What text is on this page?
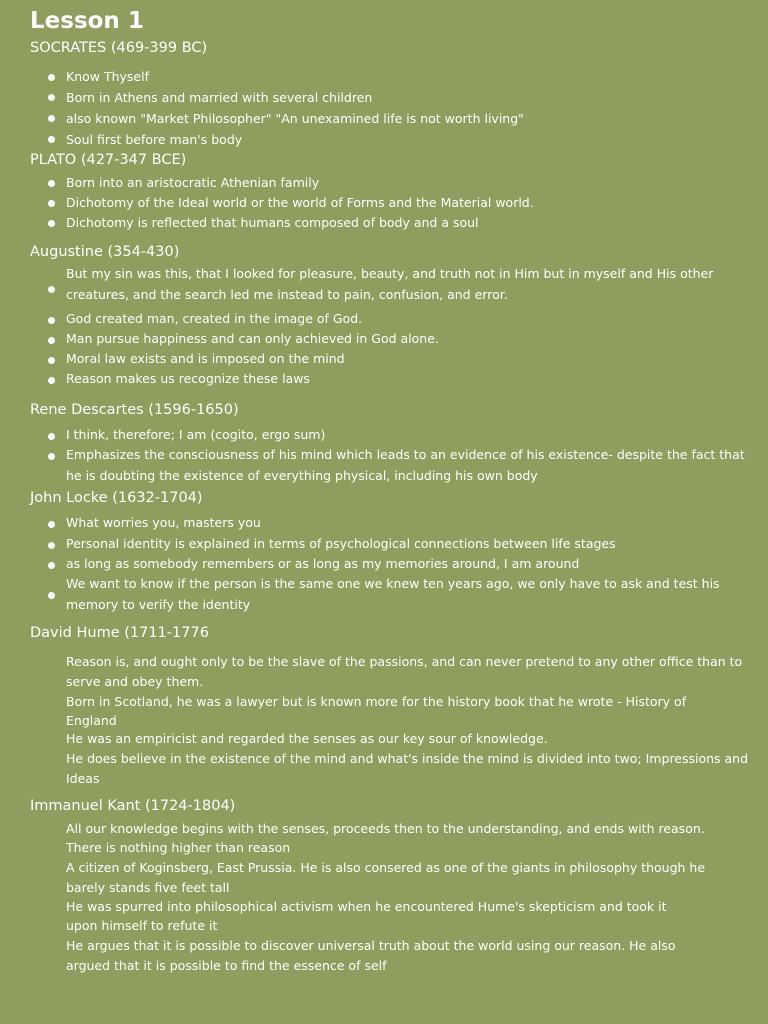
Lesson 1
SOCRATES (469-399 BC)
Know Thyself
Born in Athens and married with several children
also known "Market Philosopher" "An unexamined life is not worth living"
Soul first before man's body
PLATO (427-347 BCE)
Born into an aristocratic Athenian family
Dichotomy of the Ideal world or the world of Forms and the Material world.
Dichotomy is reflected that humans composed of body and a soul
Augustine (354-430)
But my sin was this, that I looked for pleasure, beauty, and truth not in Him but in myself and His other
creatures, and the search led me instead to pain, confusion, and error.
God created man, created in the image of God.
Man pursue happiness and can only achieved in God alone.
Moral law exists and is imposed on the mind
Reason makes us recognize these laws
Rene Descartes (1596-1650)
I think, therefore; I am (cogito, ergo sum)
Emphasizes the consciousness of his mind which leads to an evidence of his existence- despite the fact that
he is doubting the existence of everything physical, including his own body
John Locke (1632-1704)
What worries you, masters you
Personal identity is explained in terms of psychological connections between life stages
as long as somebody remembers or as long as my memories around, I am around
We want to know if the person is the same one we knew ten years ago, we only have to ask and test his
memory to verify the identity
David Hume (1711-1776
Reason is, and ought only to be the slave of the passions, and can never pretend to any other office than to
serve and obey them.
Born in Scotland, he was a lawyer but is known more for the history book that he wrote - History of
England
He was an empiricist and regarded the senses as our key sour of knowledge.
He does believe in the existence of the mind and what's inside the mind is divided into two; Impressions and
Ideas
Immanuel Kant (1724-1804)
All our knowledge begins with the senses, proceeds then to the understanding, and ends with reason.
There is nothing higher than reason
A citizen of Koginsberg, East Prussia. He is also consered as one of the giants in philosophy though he
barely stands five feet tall
He was spurred into philosophical activism when he encountered Hume's skepticism and took it
upon himself to refute it
He argues that it is possible to discover universal truth about the world using our reason. He also
argued that it is possible to find the essence of self
